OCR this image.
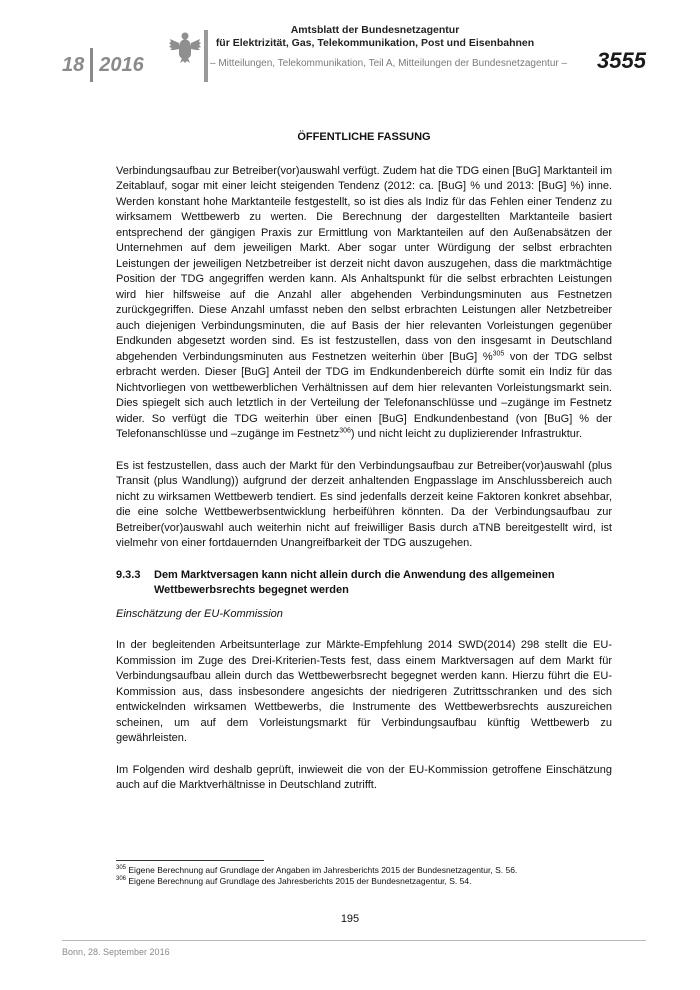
18 2016
Amtsblatt der Bundesnetzagentur
für Elektrizität, Gas, Telekommunikation, Post und Eisenbahnen
– Mitteilungen, Telekommunikation, Teil A, Mitteilungen der Bundesnetzagentur – 3555

ÖFFENTLICHE FASSUNG

Verbindungsaufbau zur Betreiber(vor)auswahl verfügt. Zudem hat die TDG einen [BuG] Marktanteil im Zeitablauf, sogar mit einer leicht steigenden Tendenz (2012: ca. [BuG] % und 2013: [BuG] %) inne. Werden konstant hohe Marktanteile festgestellt, so ist dies als Indiz für das Fehlen einer Tendenz zu wirksamem Wettbewerb zu werten. Die Berechnung der dargestellten Marktanteile basiert entsprechend der gängigen Praxis zur Ermittlung von Marktanteilen auf den Außenabsätzen der Unternehmen auf dem jeweiligen Markt. Aber sogar unter Würdigung der selbst erbrachten Leistungen der jeweiligen Netzbetreiber ist derzeit nicht davon auszugehen, dass die marktmächtige Position der TDG angegriffen werden kann. Als Anhaltspunkt für die selbst erbrachten Leistungen wird hier hilfsweise auf die Anzahl aller abgehenden Verbindungsminuten aus Festnetzen zurückgegriffen. Diese Anzahl umfasst neben den selbst erbrachten Leistungen aller Netzbetreiber auch diejenigen Verbindungsminuten, die auf Basis der hier relevanten Vorleistungen gegenüber Endkunden abgesetzt worden sind. Es ist festzustellen, dass von den insgesamt in Deutschland abgehenden Verbindungsminuten aus Festnetzen weiterhin über [BuG] %$^{305}$ von der TDG selbst erbracht werden. Dieser [BuG] Anteil der TDG im Endkundenbereich dürfte somit ein Indiz für das Nichtvorliegen von wettbewerblichen Verhältnissen auf dem hier relevanten Vorleistungsmarkt sein. Dies spiegelt sich auch letztlich in der Verteilung der Telefonanschlüsse und –zugänge im Festnetz wider. So verfügt die TDG weiterhin über einen [BuG] Endkundenbestand (von [BuG] % der Telefonanschlüsse und –zugänge im Festnetz$^{306}$) und nicht leicht zu duplizierender Infrastruktur.

Es ist festzustellen, dass auch der Markt für den Verbindungsaufbau zur Betreiber(vor)auswahl (plus Transit (plus Wandlung)) aufgrund der derzeit anhaltenden Engpasslage im Anschlussbereich auch nicht zu wirksamen Wettbewerb tendiert. Es sind jedenfalls derzeit keine Faktoren konkret absehbar, die eine solche Wettbewerbsentwicklung herbeiführen könnten. Da der Verbindungsaufbau zur Betreiber(vor)auswahl auch weiterhin nicht auf freiwilliger Basis durch aTNB bereitgestellt wird, ist vielmehr von einer fortdauernden Unangreifbarkeit der TDG auszugehen.

9.3.3	Dem Marktversagen kann nicht allein durch die Anwendung des allgemeinen Wettbewerbsrechts begegnet werden

Einschätzung der EU-Kommission

In der begleitenden Arbeitsunterlage zur Märkte-Empfehlung 2014 SWD(2014) 298 stellt die EU-Kommission im Zuge des Drei-Kriterien-Tests fest, dass einem Marktversagen auf dem Markt für Verbindungsaufbau allein durch das Wettbewerbsrecht begegnet werden kann. Hierzu führt die EU-Kommission aus, dass insbesondere angesichts der niedrigeren Zutrittsschranken und des sich entwickelnden wirksamen Wettbewerbs, die Instrumente des Wettbewerbsrechts auszureichen scheinen, um auf dem Vorleistungsmarkt für Verbindungsaufbau künftig Wettbewerb zu gewährleisten.

Im Folgenden wird deshalb geprüft, inwieweit die von der EU-Kommission getroffene Einschätzung auch auf die Marktverhältnisse in Deutschland zutrifft.

$^{305}$ Eigene Berechnung auf Grundlage der Angaben im Jahresberichts 2015 der Bundesnetzagentur, S. 56.
$^{306}$ Eigene Berechnung auf Grundlage des Jahresberichts 2015 der Bundesnetzagentur, S. 54.
195
Bonn, 28. September 2016
